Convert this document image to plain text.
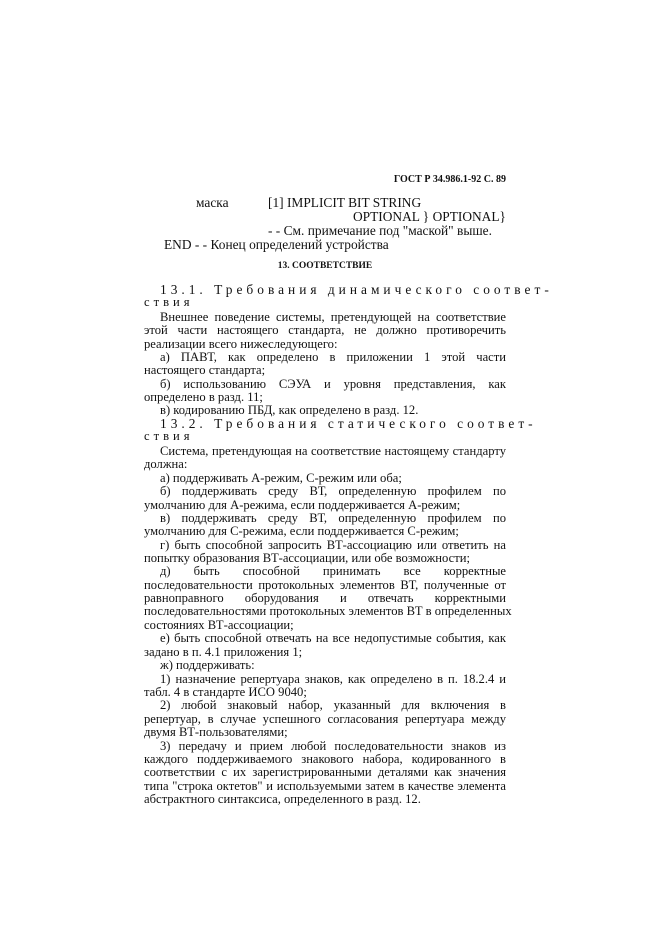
ГОСТ Р 34.986.1-92 С. 89
маска	[1] IMPLICIT BIT STRING
OPTIONAL } OPTIONAL}
- - См. примечание под "маской" выше.
END - - Конец определений устройства
13. СООТВЕТСТВИЕ
13.1. Требования динамического соответ-
ствия
Внешнее поведение системы, претендующей на соответствие
этой части настоящего стандарта, не должно противоречить
реализации всего нижеследующего:
а) ПАВТ, как определено в приложении 1 этой части
настоящего стандарта;
б) использованию СЭУА и уровня представления, как
определено в разд. 11;
в) кодированию ПБД, как определено в разд. 12.
13.2. Требования статического соответ-
ствия
Система, претендующая на соответствие настоящему стандарту
должна:
а) поддерживать А-режим, С-режим или оба;
б) поддерживать среду ВТ, определенную профилем по
умолчанию для А-режима, если поддерживается А-режим;
в) поддерживать среду ВТ, определенную профилем по
умолчанию для С-режима, если поддерживается С-режим;
г) быть способной запросить ВТ-ассоциацию или ответить на
попытку образования ВТ-ассоциации, или обе возможности;
д) быть способной принимать все корректные
последовательности протокольных элементов ВТ, полученные от
равноправного оборудования и отвечать корректными
последовательностями протокольных элементов ВТ в определенных
состояниях ВТ-ассоциации;
е) быть способной отвечать на все недопустимые события, как
задано в п. 4.1 приложения 1;
ж) поддерживать:
1) назначение репертуара знаков, как определено в п. 18.2.4 и
табл. 4 в стандарте ИСО 9040;
2) любой знаковый набор, указанный для включения в
репертуар, в случае успешного согласования репертуара между
двумя ВТ-пользователями;
3) передачу и прием любой последовательности знаков из
каждого поддерживаемого знакового набора, кодированного в
соответствии с их зарегистрированными деталями как значения
типа "строка октетов" и используемыми затем в качестве элемента
абстрактного синтаксиса, определенного в разд. 12.
